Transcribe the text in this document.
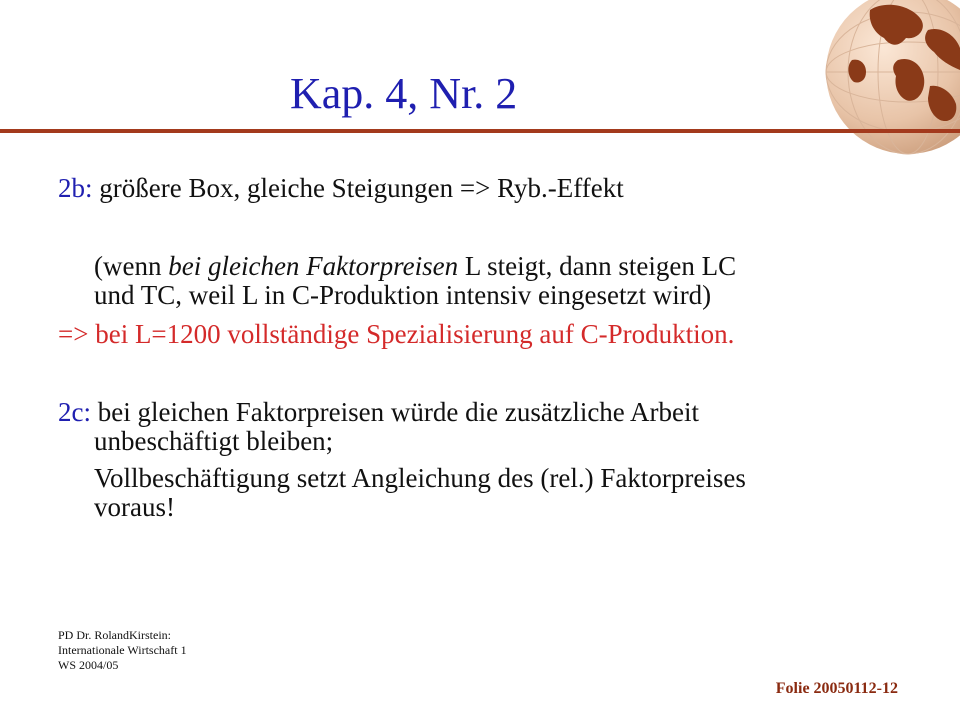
Kap. 4, Nr. 2
2b: größere Box, gleiche Steigungen => Ryb.-Effekt
(wenn bei gleichen Faktorpreisen L steigt, dann steigen LC
und TC, weil L in C-Produktion intensiv eingesetzt wird)
=> bei L=1200 vollständige Spezialisierung auf C-Produktion.
2c: bei gleichen Faktorpreisen würde die zusätzliche Arbeit
unbeschäftigt bleiben;
Vollbeschäftigung setzt Angleichung des (rel.) Faktorpreises
voraus!
PD Dr. RolandKirstein:
Internationale Wirtschaft 1
WS 2004/05
Folie 20050112-12
